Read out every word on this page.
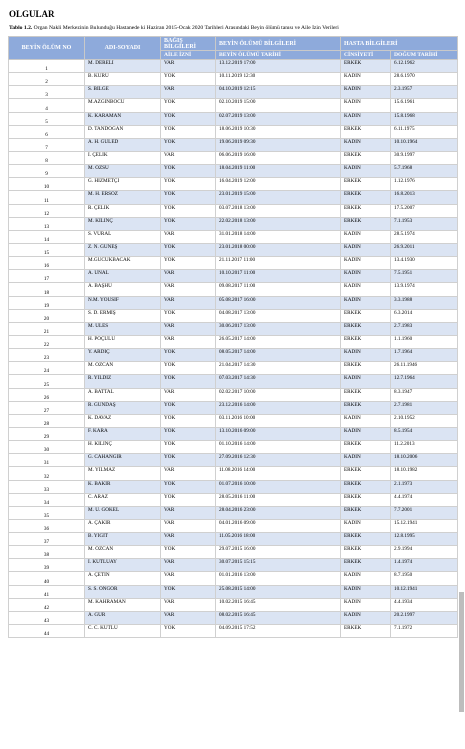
OLGULAR
Tablo 1.2. Organ Nakli Merkezinin Bulunduğu Hastanede ki Haziran 2015-Ocak 2020 Tarihleri Arasındaki Beyin ölümü tanısı ve Aile İzin Verileri
BEYİN ÖLÜM NO	ADI-SOYADI	BAĞIŞ BİLGİLERİ	BEYİN ÖLÜMÜ BİLGİLERİ	HASTA BİLGİLERİ	
		AİLE İZNİ	BEYİN ÖLÜMÜ TARİHİ	CİNSİYETİ	DOĞUM TARİHİ
1	M. DERELİ	VAR	13.12.2019 17:00	ERKEK	6.12.1962
2	B. KURU	YOK	10.11.2019 12:30	KADIN	28.6.1970
3	S. BİLGE	VAR	04.10.2019 12:15	KADIN	2.3.1957
4	M.AZGINBÖCÜ	YOK	02.10.2019 15:00	KADIN	15.6.1961
5	K. KARAMAN	YOK	02.07.2019 13:00	KADIN	15.8.1968
6	D. TANDOĞAN	YOK	18.06.2019 10:30	ERKEK	6.11.1975
7	A. H. GULED	YOK	19.06.2019 09:30	KADIN	10.10.1964
8	İ. ÇELİK	VAR	06.06.2019 16:00	ERKEK	30.9.1997
9	M. ÖZSU	YOK	18.04.2019 11:00	KADIN	5.7.1968
10	G. HİZMETÇİ	YOK	16.04.2019 12:00	ERKEK	1.12.1976
11	M. H. ERSÖZ	YOK	23.01.2019 15:00	ERKEK	16.8.2013
12	R. ÇELİK	YOK	03.07.2018 13:00	ERKEK	17.5.2007
13	M. KILINÇ	YOK	22.02.2018 13:00	ERKEK	7.1.1953
14	S. VURAL	VAR	31.01.2018 14:00	KADIN	28.5.1974
15	Z. N. GÜNEŞ	YOK	23.01.2018 00:00	KADIN	26.9.2011
16	M.GÜCÜKBACAK	YOK	21.11.2017 11:00	KADIN	13.4.1930
17	A. ÜNAL	VAR	10.10.2017 11:00	KADIN	7.5.1951
18	A. BAŞHU	VAR	09.08.2017 11:00	KADIN	13.9.1974
19	N.M. YOUSIF	VAR	05.08.2017 16:00	KADIN	3.3.1988
20	S. D. ERMİŞ	YOK	04.08.2017 13:00	ERKEK	6.3.2014
21	M. ULES	VAR	30.06.2017 13:00	ERKEK	2.7.1983
22	H. POÇULU	VAR	26.05.2017 14:00	ERKEK	1.1.1960
23	Y. ARDIÇ	YOK	08.05.2017 14:00	KADIN	1.7.1964
24	M. ÖZCAN	YOK	21.04.2017 14:30	ERKEK	26.11.1946
25	R. YILDIZ	YOK	07.03.2017 14:30	KADIN	12.7.1964
26	A. BATTAL	VAR	02.02.2017 10:00	ERKEK	8.3.1947
27	R. GÜNDAŞ	YOK	23.12.2016 14:00	ERKEK	2.7.1981
28	K. DAVAZ	YOK	03.11.2016 10:00	KADIN	2.10.1952
29	F. KARA	YOK	13.10.2016 09:00	KADIN	8.5.1954
30	H. KILINÇ	YOK	01.10.2016 14:00	ERKEK	11.2.2013
31	G. CAHANGİR	YOK	27.09.2016 12:30	KADIN	18.10.2006
32	M. YILMAZ	VAR	11.08.2016 14:00	ERKEK	18.10.1982
33	K. BAKIR	YOK	01.07.2016 10:00	ERKEK	2.1.1973
34	C. ARAZ	YOK	28.05.2016 11:00	ERKEK	4.4.1974
35	M. U. GÖKEL	VAR	28.04.2016 23:00	ERKEK	7.7.2001
36	A. ÇAKIR	VAR	04.01.2016 09:00	KADIN	15.12.1941
37	B. YİĞİT	VAR	11.05.2016 18:00	ERKEK	12.8.1995
38	M. ÖZCAN	YOK	29.07.2015 16:00	ERKEK	2.9.1994
39	İ. KUTLUAY	VAR	30.07.2015 15:15	ERKEK	1.4.1974
40	A. ÇETİN	VAR	01.01.2016 13:00	KADIN	8.7.1950
41	S. S. ÖNGÖR	YOK	25.08.2015 14:00	KADIN	10.12.1941
42	M. KAHRAMAN	VAR	10.02.2015 16:45	KADIN	4.4.1934
43	A. GÜR	VAR	08.02.2015 16:45	KADIN	20.2.1997
44	C. C. KUTLU	YOK	04.09.2015 17:52	ERKEK	7.1.1972
